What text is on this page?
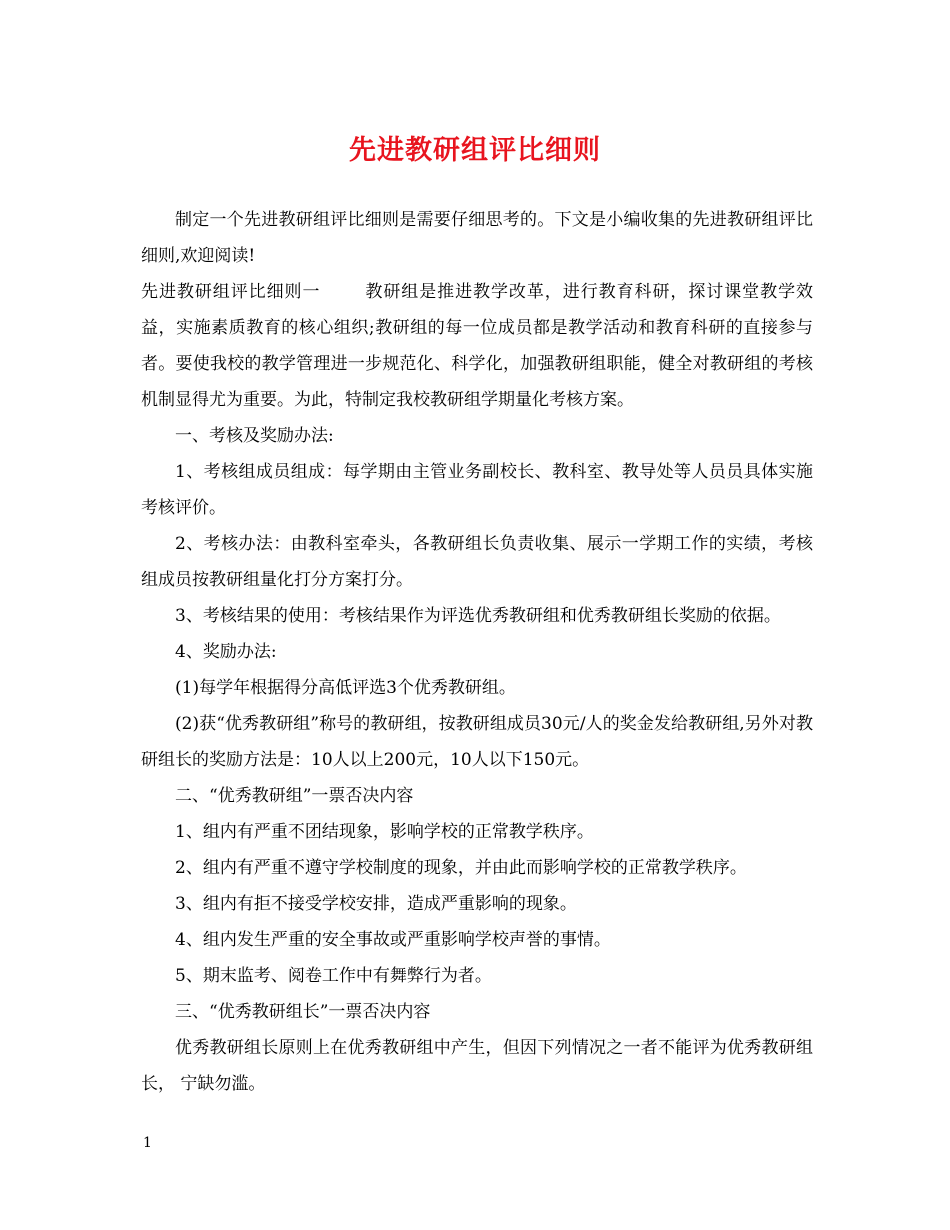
先进教研组评比细则

制定一个先进教研组评比细则是需要仔细思考的。下文是小编收集的先进教研组评比细则,欢迎阅读!

先进教研组评比细则一	教研组是推进教学改革，进行教育科研，探讨课堂教学效益，实施素质教育的核心组织;教研组的每一位成员都是教学活动和教育科研的直接参与者。要使我校的教学管理进一步规范化、科学化，加强教研组职能，健全对教研组的考核机制显得尤为重要。为此，特制定我校教研组学期量化考核方案。

一、考核及奖励办法:

1、考核组成员组成：每学期由主管业务副校长、教科室、教导处等人员员具体实施考核评价。

2、考核办法：由教科室牵头，各教研组长负责收集、展示一学期工作的实绩，考核组成员按教研组量化打分方案打分。

3、考核结果的使用：考核结果作为评选优秀教研组和优秀教研组长奖励的依据。

4、奖励办法:

(1)每学年根据得分高低评选3个优秀教研组。

(2)获“优秀教研组”称号的教研组，按教研组成员30元/人的奖金发给教研组,另外对教研组长的奖励方法是：10人以上200元，10人以下150元。

二、“优秀教研组”一票否决内容

1、组内有严重不团结现象，影响学校的正常教学秩序。

2、组内有严重不遵守学校制度的现象，并由此而影响学校的正常教学秩序。

3、组内有拒不接受学校安排，造成严重影响的现象。

4、组内发生严重的安全事故或严重影响学校声誉的事情。

5、期末监考、阅卷工作中有舞弊行为者。

三、“优秀教研组长”一票否决内容

优秀教研组长原则上在优秀教研组中产生，但因下列情况之一者不能评为优秀教研组长， 宁缺勿滥。

1
